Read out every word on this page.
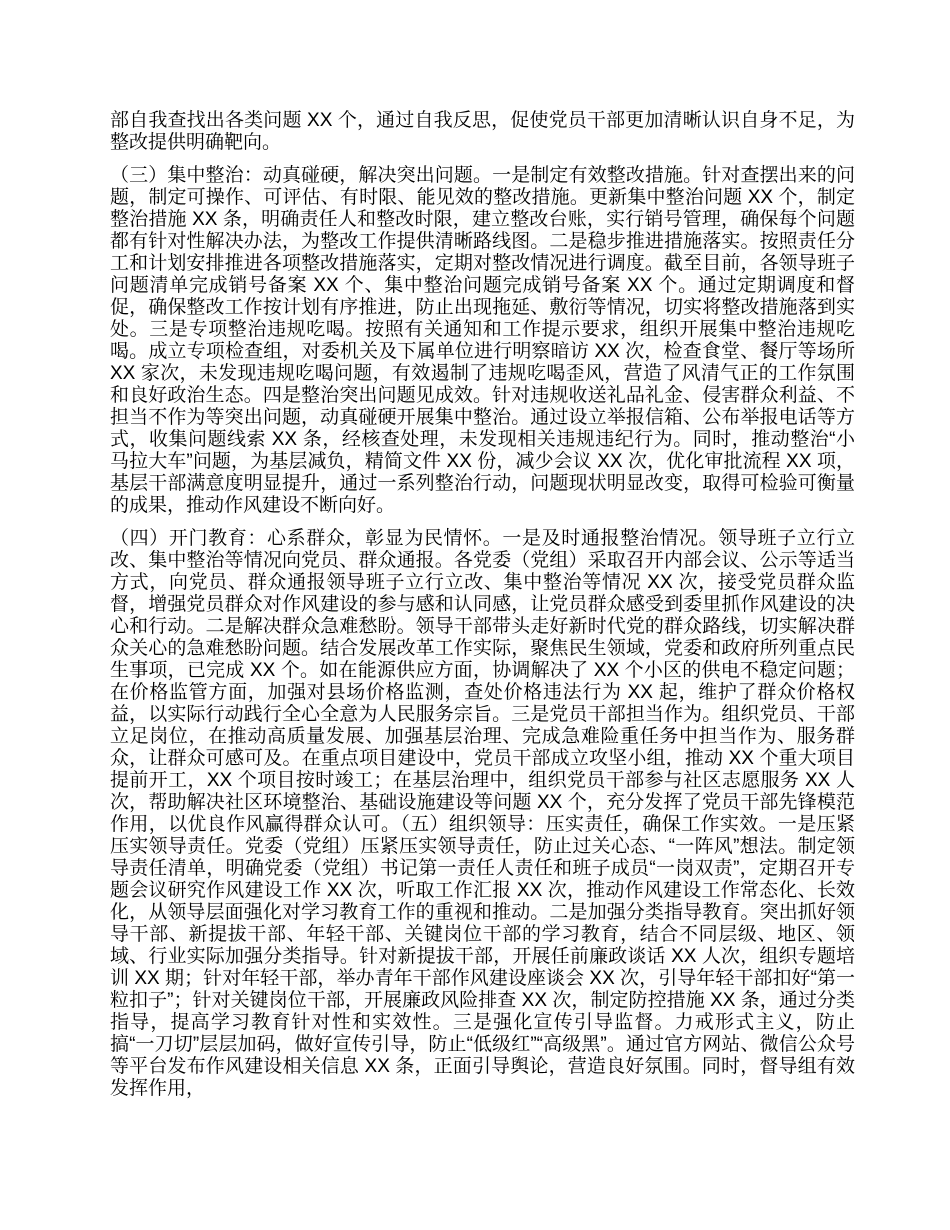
部自我查找出各类问题 XX 个，通过自我反思，促使党员干部更加清晰认识自身不足，为整改提供明确靶向。

（三）集中整治：动真碰硬，解决突出问题。一是制定有效整改措施。针对查摆出来的问题，制定可操作、可评估、有时限、能见效的整改措施。更新集中整治问题 XX 个，制定整治措施 XX 条，明确责任人和整改时限，建立整改台账，实行销号管理，确保每个问题都有针对性解决办法，为整改工作提供清晰路线图。二是稳步推进措施落实。按照责任分工和计划安排推进各项整改措施落实，定期对整改情况进行调度。截至目前，各领导班子问题清单完成销号备案 XX 个、集中整治问题完成销号备案 XX 个。通过定期调度和督促，确保整改工作按计划有序推进，防止出现拖延、敷衍等情况，切实将整改措施落到实处。三是专项整治违规吃喝。按照有关通知和工作提示要求，组织开展集中整治违规吃喝。成立专项检查组，对委机关及下属单位进行明察暗访 XX 次，检查食堂、餐厅等场所 XX 家次，未发现违规吃喝问题，有效遏制了违规吃喝歪风，营造了风清气正的工作氛围和良好政治生态。四是整治突出问题见成效。针对违规收送礼品礼金、侵害群众利益、不担当不作为等突出问题，动真碰硬开展集中整治。通过设立举报信箱、公布举报电话等方式，收集问题线索 XX 条，经核查处理，未发现相关违规违纪行为。同时，推动整治“小马拉大车”问题，为基层减负，精简文件 XX 份，减少会议 XX 次，优化审批流程 XX 项，基层干部满意度明显提升，通过一系列整治行动，问题现状明显改变，取得可检验可衡量的成果，推动作风建设不断向好。

（四）开门教育：心系群众，彰显为民情怀。一是及时通报整治情况。领导班子立行立改、集中整治等情况向党员、群众通报。各党委（党组）采取召开内部会议、公示等适当方式，向党员、群众通报领导班子立行立改、集中整治等情况 XX 次，接受党员群众监督，增强党员群众对作风建设的参与感和认同感，让党员群众感受到委里抓作风建设的决心和行动。二是解决群众急难愁盼。领导干部带头走好新时代党的群众路线，切实解决群众关心的急难愁盼问题。结合发展改革工作实际，聚焦民生领域，党委和政府所列重点民生事项，已完成 XX 个。如在能源供应方面，协调解决了 XX 个小区的供电不稳定问题；在价格监管方面，加强对县场价格监测，查处价格违法行为 XX 起，维护了群众价格权益，以实际行动践行全心全意为人民服务宗旨。三是党员干部担当作为。组织党员、干部立足岗位，在推动高质量发展、加强基层治理、完成急难险重任务中担当作为、服务群众，让群众可感可及。在重点项目建设中，党员干部成立攻坚小组，推动 XX 个重大项目提前开工，XX 个项目按时竣工；在基层治理中，组织党员干部参与社区志愿服务 XX 人次，帮助解决社区环境整治、基础设施建设等问题 XX 个，充分发挥了党员干部先锋模范作用，以优良作风赢得群众认可。（五）组织领导：压实责任，确保工作实效。一是压紧压实领导责任。党委（党组）压紧压实领导责任，防止过关心态、“一阵风”想法。制定领导责任清单，明确党委（党组）书记第一责任人责任和班子成员“一岗双责”，定期召开专题会议研究作风建设工作 XX 次，听取工作汇报 XX 次，推动作风建设工作常态化、长效化，从领导层面强化对学习教育工作的重视和推动。二是加强分类指导教育。突出抓好领导干部、新提拔干部、年轻干部、关键岗位干部的学习教育，结合不同层级、地区、领域、行业实际加强分类指导。针对新提拔干部，开展任前廉政谈话 XX 人次，组织专题培训 XX 期；针对年轻干部，举办青年干部作风建设座谈会 XX 次，引导年轻干部扣好“第一粒扣子”；针对关键岗位干部，开展廉政风险排查 XX 次，制定防控措施 XX 条，通过分类指导，提高学习教育针对性和实效性。三是强化宣传引导监督。力戒形式主义，防止搞“一刀切”层层加码，做好宣传引导，防止“低级红”“高级黑”。通过官方网站、微信公众号等平台发布作风建设相关信息 XX 条，正面引导舆论，营造良好氛围。同时，督导组有效发挥作用，
